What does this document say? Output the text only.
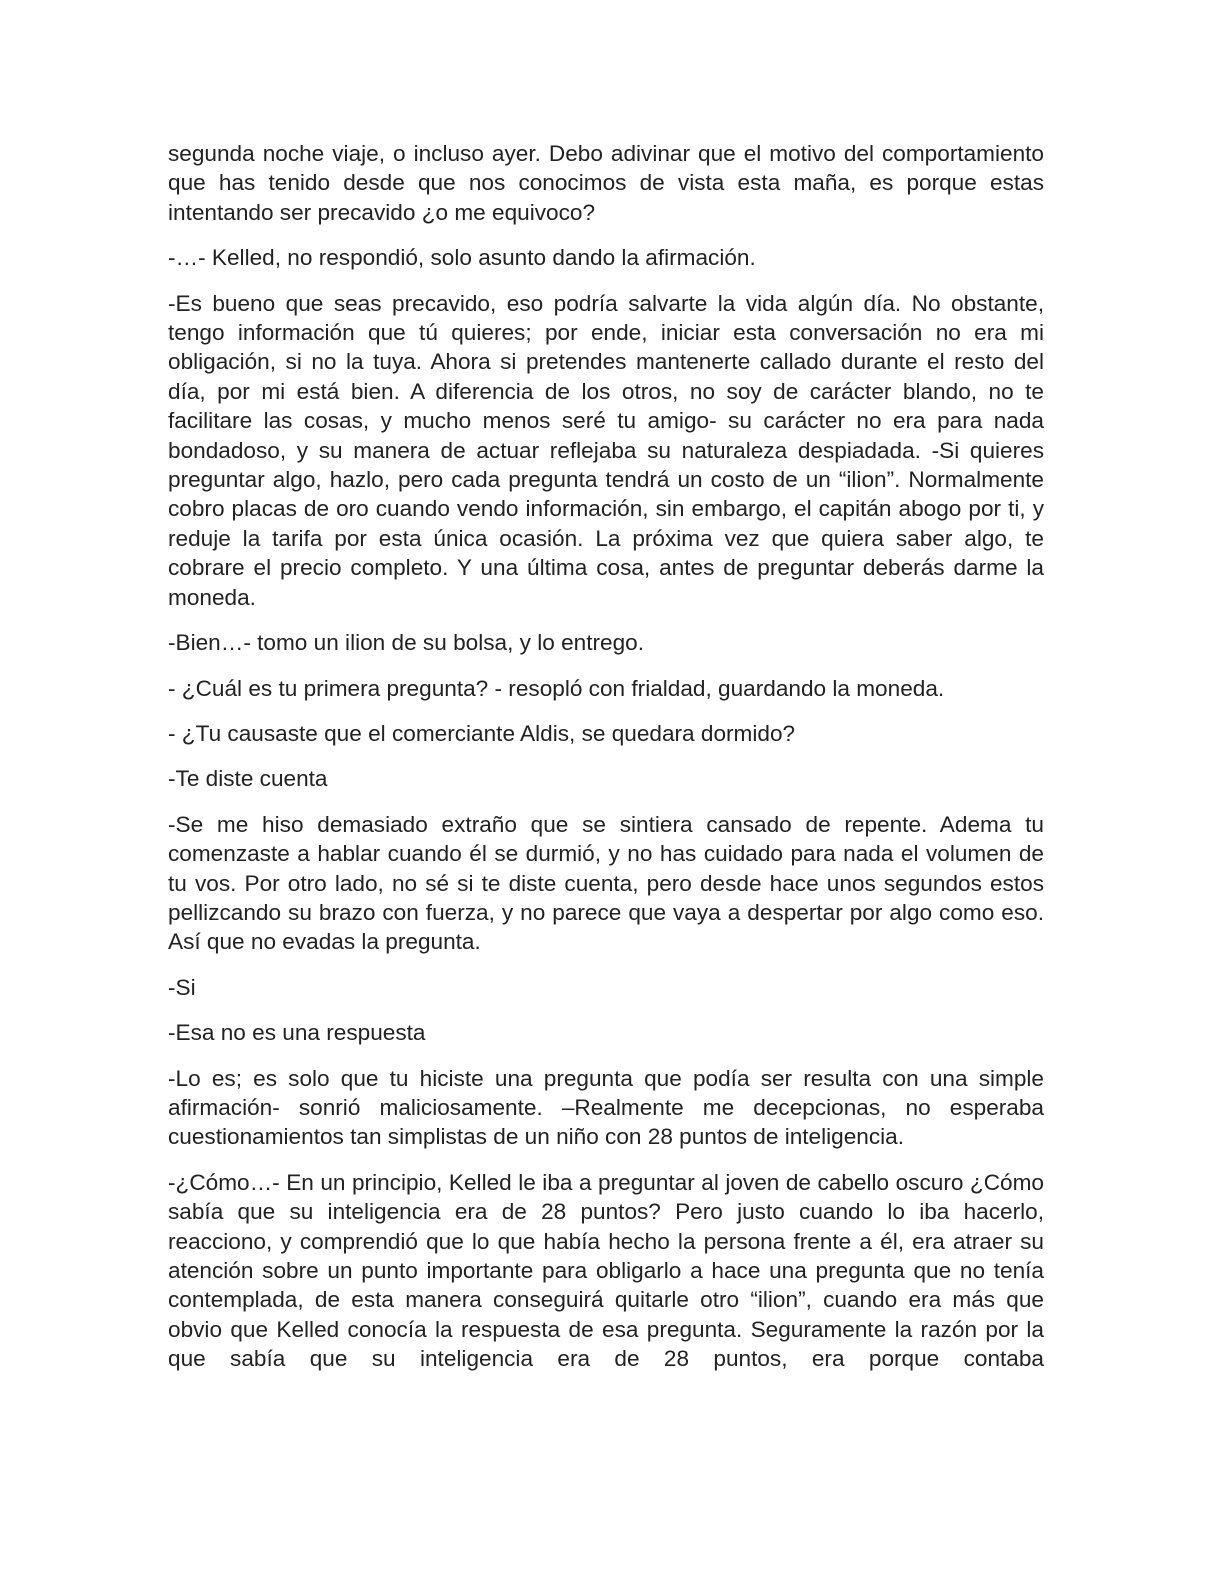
segunda noche viaje, o incluso ayer. Debo adivinar que el motivo del comportamiento que has tenido desde que nos conocimos de vista esta maña, es porque estas intentando ser precavido ¿o me equivoco?

-…- Kelled, no respondió, solo asunto dando la afirmación.

-Es bueno que seas precavido, eso podría salvarte la vida algún día. No obstante, tengo información que tú quieres; por ende, iniciar esta conversación no era mi obligación, si no la tuya. Ahora si pretendes mantenerte callado durante el resto del día, por mi está bien. A diferencia de los otros, no soy de carácter blando, no te facilitare las cosas, y mucho menos seré tu amigo- su carácter no era para nada bondadoso, y su manera de actuar reflejaba su naturaleza despiadada. -Si quieres preguntar algo, hazlo, pero cada pregunta tendrá un costo de un “ilion”. Normalmente cobro placas de oro cuando vendo información, sin embargo, el capitán abogo por ti, y reduje la tarifa por esta única ocasión. La próxima vez que quiera saber algo, te cobrare el precio completo. Y una última cosa, antes de preguntar deberás darme la moneda.

-Bien…- tomo un ilion de su bolsa, y lo entrego.

- ¿Cuál es tu primera pregunta? - resopló con frialdad, guardando la moneda.

- ¿Tu causaste que el comerciante Aldis, se quedara dormido?

-Te diste cuenta

-Se me hiso demasiado extraño que se sintiera cansado de repente. Adema tu comenzaste a hablar cuando él se durmió, y no has cuidado para nada el volumen de tu vos. Por otro lado, no sé si te diste cuenta, pero desde hace unos segundos estos pellizcando su brazo con fuerza, y no parece que vaya a despertar por algo como eso. Así que no evadas la pregunta.

-Si

-Esa no es una respuesta

-Lo es; es solo que tu hiciste una pregunta que podía ser resulta con una simple afirmación- sonrió maliciosamente. –Realmente me decepcionas, no esperaba cuestionamientos tan simplistas de un niño con 28 puntos de inteligencia.

-¿Cómo…- En un principio, Kelled le iba a preguntar al joven de cabello oscuro ¿Cómo sabía que su inteligencia era de 28 puntos? Pero justo cuando lo iba hacerlo, reacciono, y comprendió que lo que había hecho la persona frente a él, era atraer su atención sobre un punto importante para obligarlo a hace una pregunta que no tenía contemplada, de esta manera conseguirá quitarle otro “ilion”, cuando era más que obvio que Kelled conocía la respuesta de esa pregunta. Seguramente la razón por la que sabía que su inteligencia era de 28 puntos, era porque contaba
